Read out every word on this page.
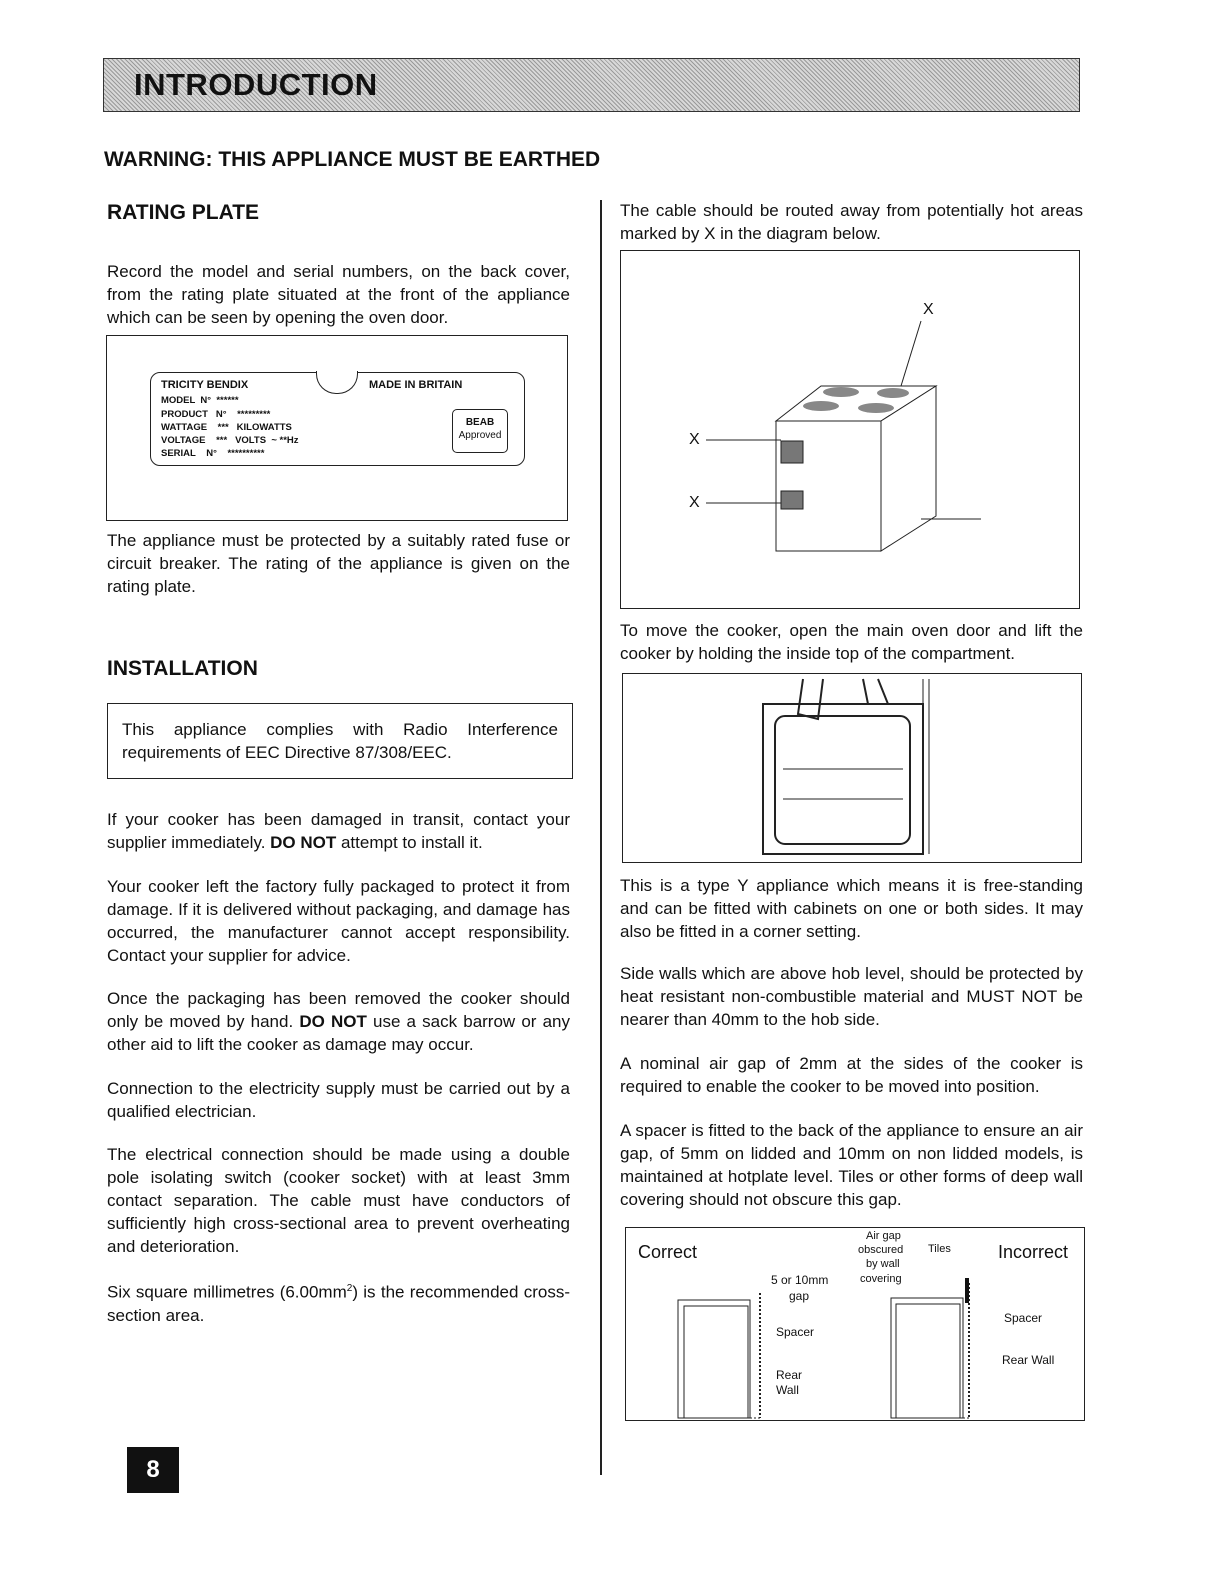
INTRODUCTION
WARNING: THIS APPLIANCE MUST BE EARTHED
RATING PLATE
Record the model and serial numbers, on the back cover, from the rating plate situated at the front of the appliance which can be seen by opening the oven door.
TRICITY BENDIX	MADE IN BRITAIN
MODEL  N°  ******
PRODUCT   N°    *********
WATTAGE    ***   KILOWATTS
VOLTAGE    ***   VOLTS  ~ **Hz
SERIAL    N°    **********
BEAB
Approved
The appliance must be protected by a suitably rated fuse or circuit breaker. The rating of the appliance is given on the rating plate.
INSTALLATION
This appliance complies with Radio Interference requirements of EEC Directive 87/308/EEC.
If your cooker has been damaged in transit, contact your supplier immediately. DO NOT attempt to install it.
Your cooker left the factory fully packaged to protect it from damage. If it is delivered without packaging, and damage has occurred, the manufacturer cannot accept responsibility. Contact your supplier for advice.
Once the packaging has been removed the cooker should only be moved by hand. DO NOT use a sack barrow or any other aid to lift the cooker as damage may occur.
Connection to the electricity supply must be carried out by a qualified electrician.
The electrical connection should be made using a double pole isolating switch (cooker socket) with at least 3mm contact separation. The cable must have conductors of sufficiently high cross-sectional area to prevent overheating and deterioration.
Six square millimetres $(6.00mm^2)$ is the recommended cross-section area.
8
The cable should be routed away from potentially hot areas marked by X in the diagram below.
X
X
X
To move the cooker, open the main oven door and lift the cooker by holding the inside top of the compartment.
This is a type Y appliance which means it is free-standing and can be fitted with cabinets on one or both sides. It may also be fitted in a corner setting.
Side walls which are above hob level, should be protected by heat resistant non-combustible material and MUST NOT be nearer than 40mm to the hob side.
A nominal air gap of 2mm at the sides of the cooker is required to enable the cooker to be moved into position.
A spacer is fitted to the back of the appliance to ensure an air gap, of 5mm on lidded and 10mm on non lidded models, is maintained at hotplate level. Tiles or other forms of deep wall covering should not obscure this gap.
Correct	Incorrect
5 or 10mm
gap
Spacer
Rear
Wall
Air gap
obscured
by wall
covering
Tiles
Spacer
Rear Wall
